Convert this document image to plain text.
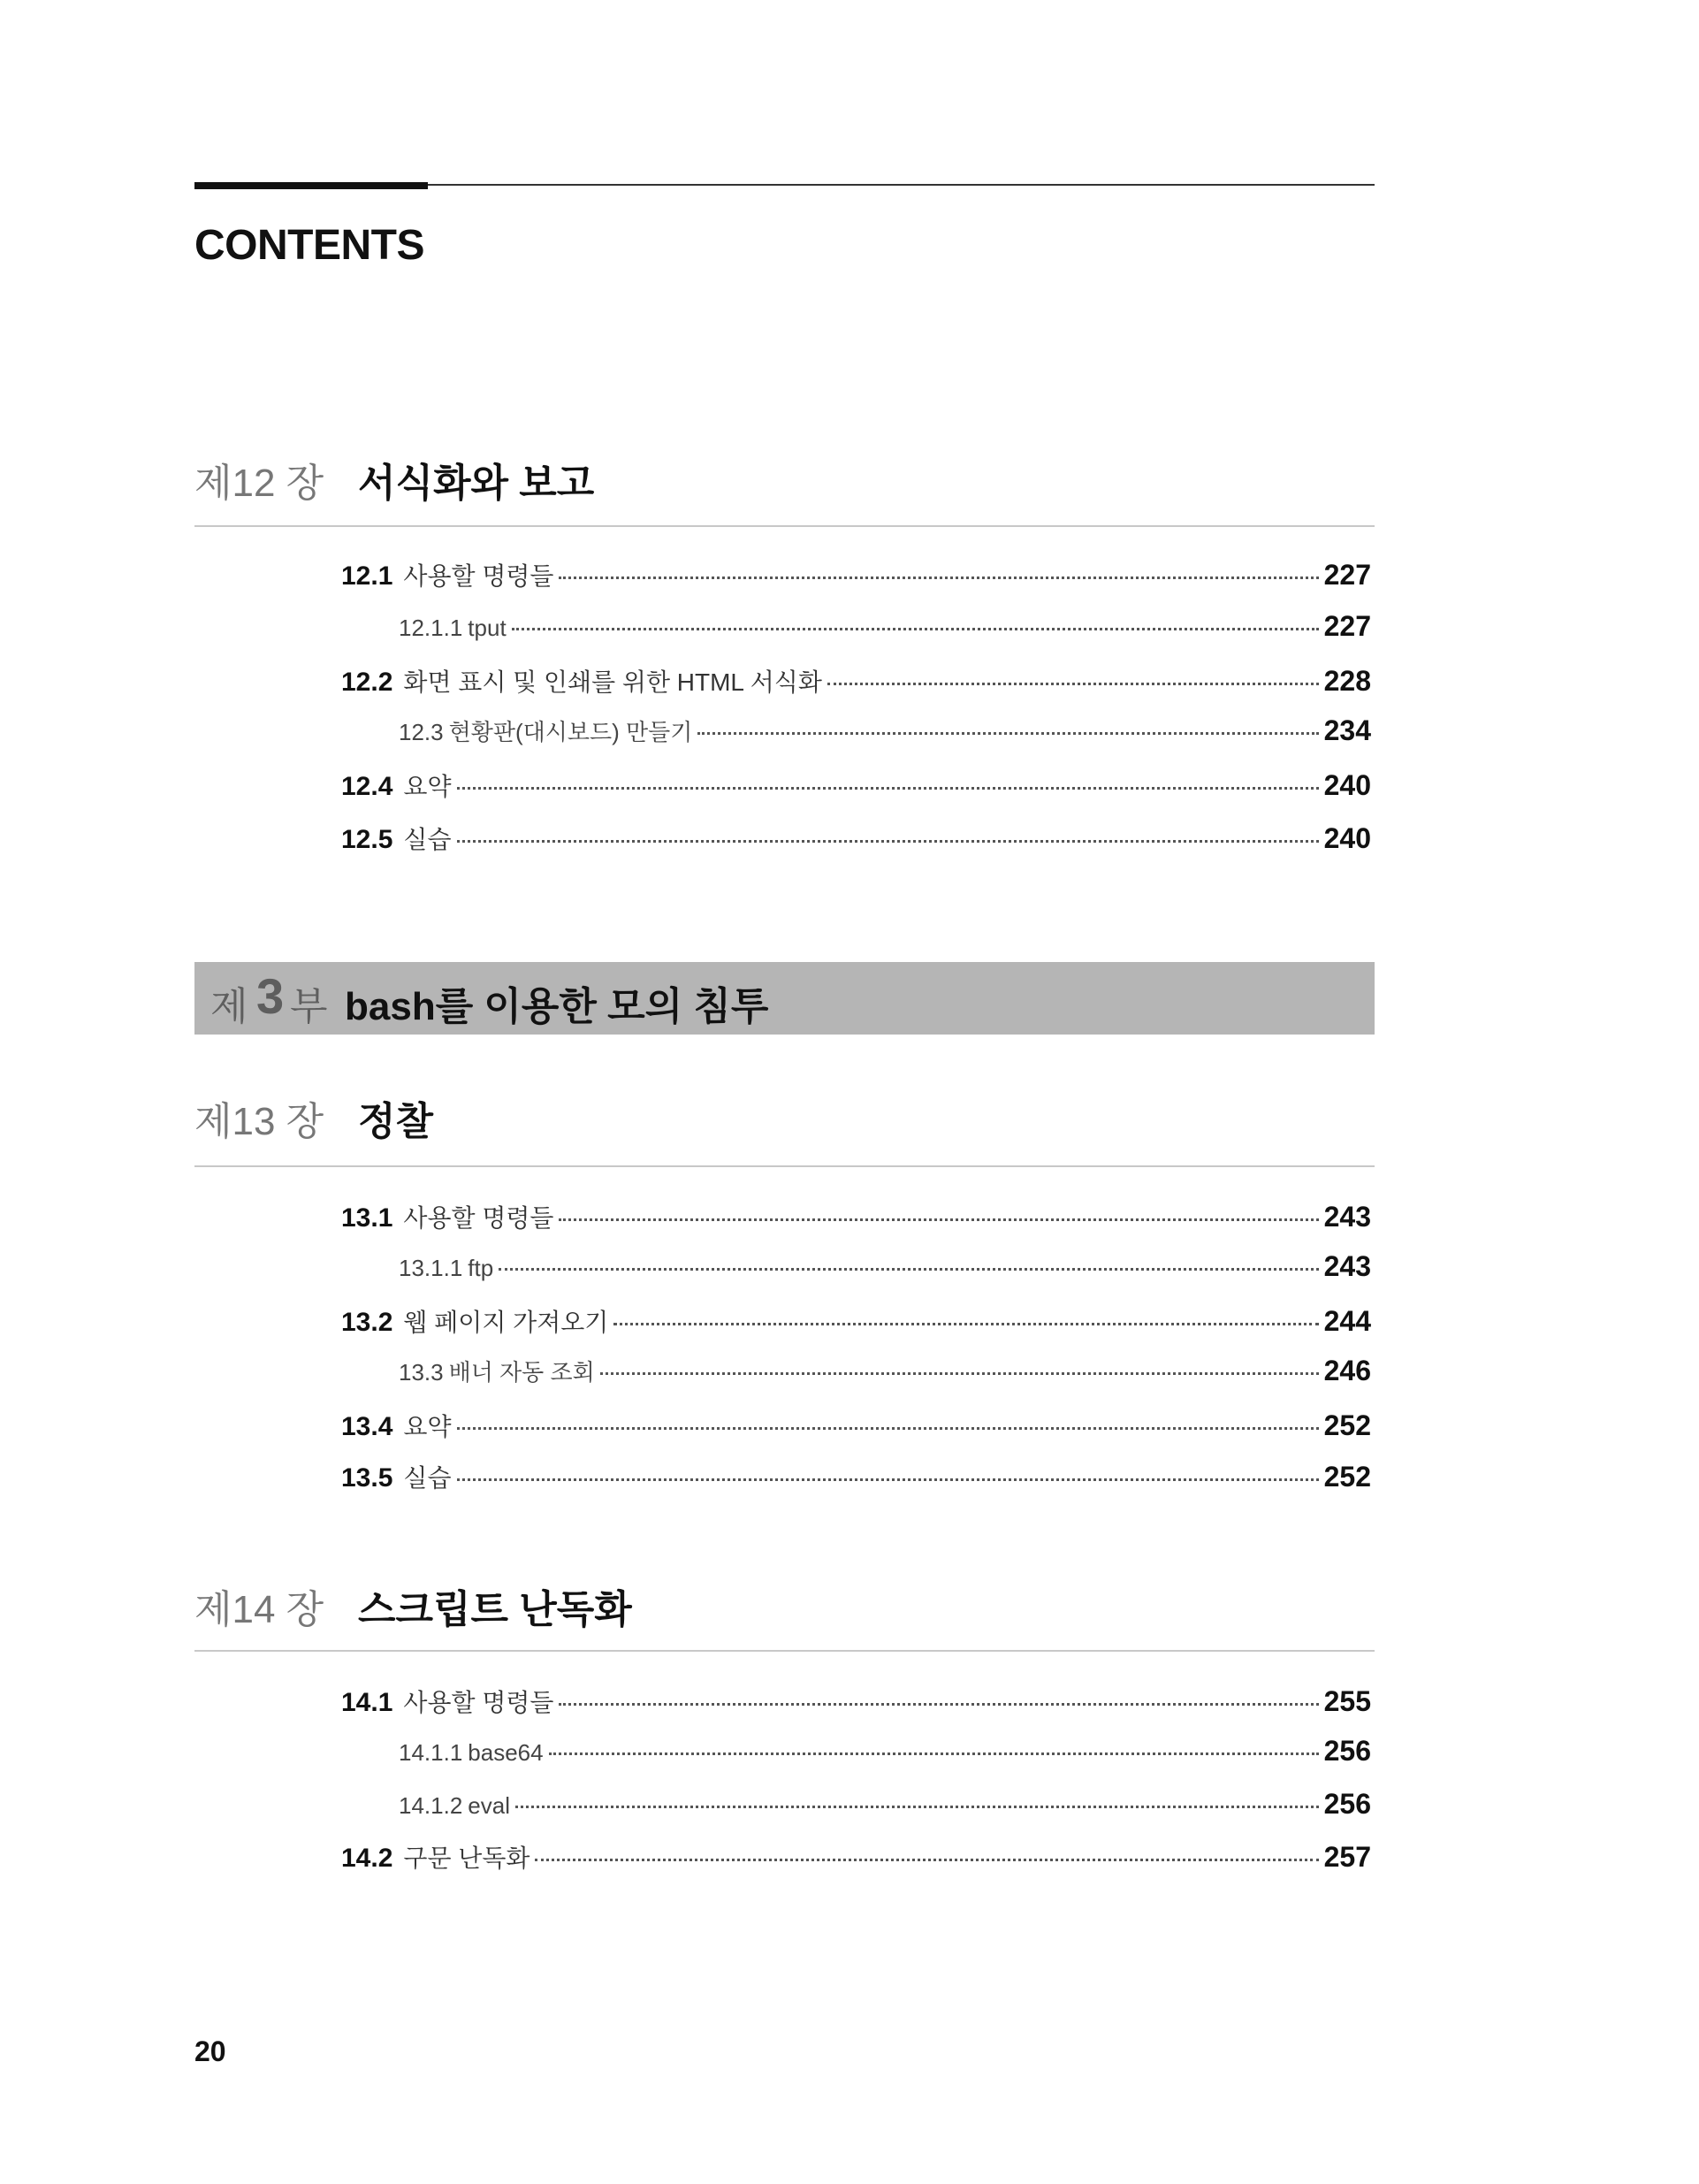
CONTENTS
제12 장 서식화와 보고
12.1 사용할 명령들	227
12.1.1 tput	227
12.2 화면 표시 및 인쇄를 위한 HTML 서식화	228
12.3 현황판(대시보드) 만들기	234
12.4 요약	240
12.5 실습	240
제 3 부 bash를 이용한 모의 침투
제13 장 정찰
13.1 사용할 명령들	243
13.1.1 ftp	243
13.2 웹 페이지 가져오기	244
13.3 배너 자동 조회	246
13.4 요약	252
13.5 실습	252
제14 장 스크립트 난독화
14.1 사용할 명령들	255
14.1.1 base64	256
14.1.2 eval	256
14.2 구문 난독화	257
20
